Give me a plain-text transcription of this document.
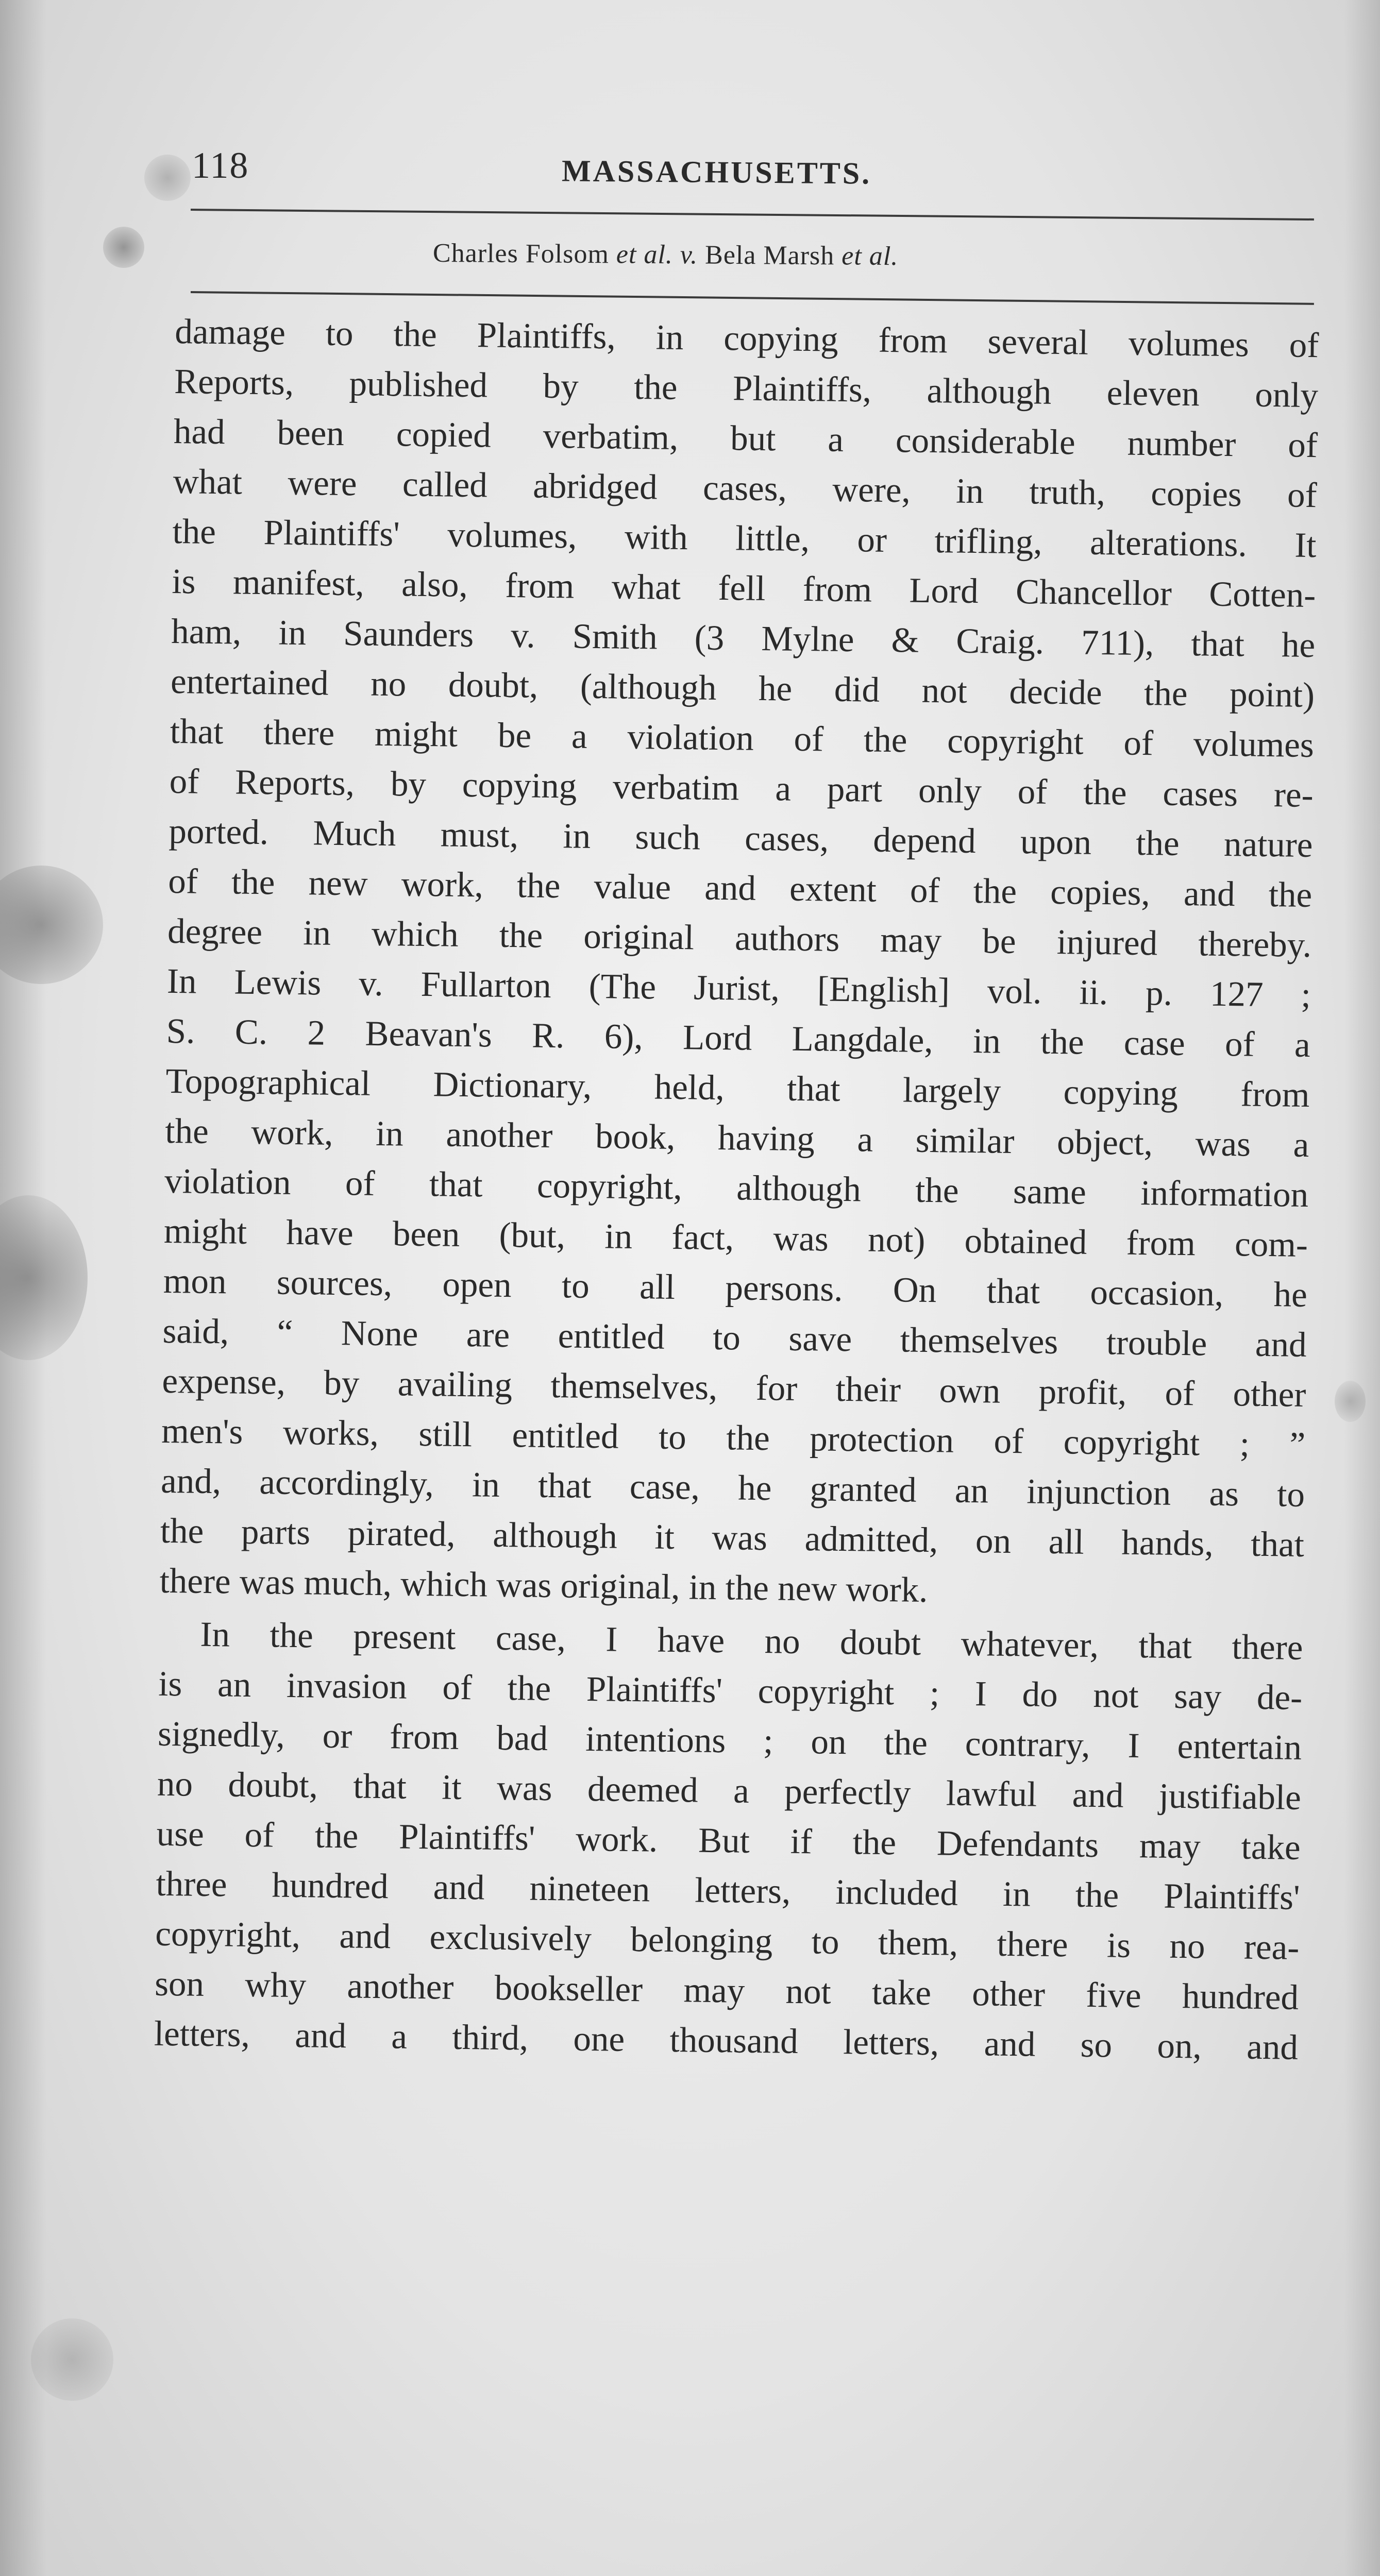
118	MASSACHUSETTS.
Charles Folsom et al. v. Bela Marsh et al.
damage to the Plaintiffs, in copying from several volumes of
Reports, published by the Plaintiffs, although eleven only
had been copied verbatim, but a considerable number of
what were called abridged cases, were, in truth, copies of
the Plaintiffs' volumes, with little, or trifling, alterations. It
is manifest, also, from what fell from Lord Chancellor Cotten-
ham, in Saunders v. Smith (3 Mylne & Craig. 711), that he
entertained no doubt, (although he did not decide the point)
that there might be a violation of the copyright of volumes
of Reports, by copying verbatim a part only of the cases re-
ported. Much must, in such cases, depend upon the nature
of the new work, the value and extent of the copies, and the
degree in which the original authors may be injured thereby.
In Lewis v. Fullarton (The Jurist, [English] vol. ii. p. 127 ;
S. C. 2 Beavan's R. 6), Lord Langdale, in the case of a
Topographical Dictionary, held, that largely copying from
the work, in another book, having a similar object, was a
violation of that copyright, although the same information
might have been (but, in fact, was not) obtained from com-
mon sources, open to all persons. On that occasion, he
said, “ None are entitled to save themselves trouble and
expense, by availing themselves, for their own profit, of other
men's works, still entitled to the protection of copyright ; ”
and, accordingly, in that case, he granted an injunction as to
the parts pirated, although it was admitted, on all hands, that
there was much, which was original, in the new work.
In the present case, I have no doubt whatever, that there
is an invasion of the Plaintiffs' copyright ; I do not say de-
signedly, or from bad intentions ; on the contrary, I entertain
no doubt, that it was deemed a perfectly lawful and justifiable
use of the Plaintiffs' work. But if the Defendants may take
three hundred and nineteen letters, included in the Plaintiffs'
copyright, and exclusively belonging to them, there is no rea-
son why another bookseller may not take other five hundred
letters, and a third, one thousand letters, and so on, and
